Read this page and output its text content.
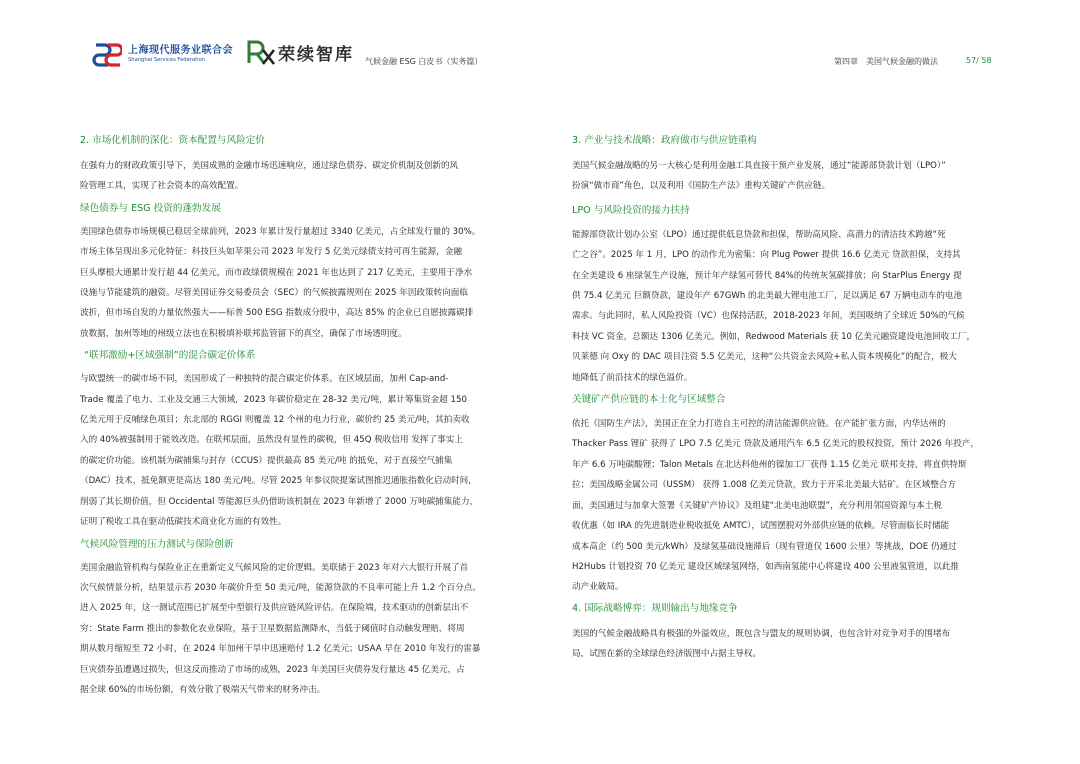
上海现代服务业联合会
Shanghai Services Federation	荣续智库 气候金融 ESG 白皮书（实务篇）	第四章　美国气候金融的做法	57/ 58

2. 市场化机制的深化：资本配置与风险定价

在强有力的财政政策引导下，美国成熟的金融市场迅速响应，通过绿色债券、碳定价机制及创新的风
险管理工具，实现了社会资本的高效配置。

绿色债券与 ESG 投资的蓬勃发展

美国绿色债券市场规模已稳居全球前列，2023 年累计发行量超过 3340 亿美元，占全球发行量的 30%。
市场主体呈现出多元化特征：科技巨头如苹果公司 2023 年发行 5 亿美元绿债支持可再生能源，金融
巨头摩根大通累计发行超 44 亿美元，而市政绿债规模在 2021 年也达到了 217 亿美元，主要用于净水
设施与节能建筑的融资。尽管美国证券交易委员会（SEC）的气候披露规则在 2025 年因政策转向面临
波折，但市场自发的力量依然强大——标普 500 ESG 指数成分股中，高达 85% 的企业已自愿披露碳排
放数据，加州等地的州级立法也在积极填补联邦监管留下的真空，确保了市场透明度。

“联邦激励+区域强制”的混合碳定价体系

与欧盟统一的碳市场不同，美国形成了一种独特的混合碳定价体系。在区域层面，加州 Cap-and-
Trade 覆盖了电力、工业及交通三大领域，2023 年碳价稳定在 28-32 美元/吨，累计筹集资金超 150
亿美元用于反哺绿色项目；东北部的 RGGI 则覆盖 12 个州的电力行业，碳价约 25 美元/吨，其拍卖收
入的 40%被强制用于能效改造。在联邦层面，虽然没有显性的碳税，但 45Q 税收信用 发挥了事实上
的碳定价功能。该机制为碳捕集与封存（CCUS）提供最高 85 美元/吨 的抵免，对于直接空气捕集
（DAC）技术，抵免额更是高达 180 美元/吨。尽管 2025 年参议院提案试图推迟通胀指数化启动时间，
削弱了其长期价值，但 Occidental 等能源巨头仍借助该机制在 2023 年新增了 2000 万吨碳捕集能力，
证明了税收工具在驱动低碳技术商业化方面的有效性。

气候风险管理的压力测试与保险创新

美国金融监管机构与保险业正在重新定义气候风险的定价逻辑。美联储于 2023 年对六大银行开展了首
次气候情景分析，结果显示若 2030 年碳价升至 50 美元/吨，能源贷款的不良率可能上升 1.2 个百分点。
进入 2025 年，这一测试范围已扩展至中型银行及供应链风险评估。在保险端，技术驱动的创新层出不
穷：State Farm 推出的参数化农业保险，基于卫星数据监测降水，当低于阈值时自动触发理赔，将周
期从数月缩短至 72 小时，在 2024 年加州干旱中迅速赔付 1.2 亿美元；USAA 早在 2010 年发行的雷暴
巨灾债券虽遭遇过损失，但这反而推动了市场的成熟，2023 年美国巨灾债券发行量达 45 亿美元，占
据全球 60%的市场份额，有效分散了极端天气带来的财务冲击。

3. 产业与技术战略：政府做市与供应链重构

美国气候金融战略的另一大核心是利用金融工具直接干预产业发展，通过“能源部贷款计划（LPO）”
扮演“做市商”角色，以及利用《国防生产法》重构关键矿产供应链。

LPO 与风险投资的接力扶持

能源部贷款计划办公室（LPO）通过提供低息贷款和担保，帮助高风险、高潜力的清洁技术跨越“死
亡之谷”。2025 年 1 月，LPO 的动作尤为密集：向 Plug Power 提供 16.6 亿美元 贷款担保，支持其
在全美建设 6 座绿氢生产设施，预计年产绿氢可替代 84%的传统灰氢碳排放；向 StarPlus Energy 提
供 75.4 亿美元 巨额贷款，建设年产 67GWh 的北美最大锂电池工厂，足以满足 67 万辆电动车的电池
需求。与此同时，私人风险投资（VC）也保持活跃，2018-2023 年间，美国吸纳了全球近 50%的气候
科技 VC 资金，总额达 1306 亿美元。例如，Redwood Materials 获 10 亿美元融资建设电池回收工厂，
贝莱德 向 Oxy 的 DAC 项目注资 5.5 亿美元，这种“公共资金去风险+私人资本规模化”的配合，极大
地降低了前沿技术的绿色溢价。

关键矿产供应链的本土化与区域整合

依托《国防生产法》，美国正在全力打造自主可控的清洁能源供应链。在产能扩张方面，内华达州的
Thacker Pass 锂矿 获得了 LPO 7.5 亿美元 贷款及通用汽车 6.5 亿美元的股权投资，预计 2026 年投产，
年产 6.6 万吨碳酸锂；Talon Metals 在北达科他州的镍加工厂获得 1.15 亿美元 联邦支持，将直供特斯
拉；美国战略金属公司（USSM） 获得 1.008 亿美元贷款，致力于开采北美最大钴矿。在区域整合方
面，美国通过与加拿大签署《关键矿产协议》及组建“北美电池联盟”，充分利用邻国资源与本土税
收优惠（如 IRA 的先进制造业税收抵免 AMTC），试图摆脱对外部供应链的依赖。尽管面临长时储能
成本高企（约 500 美元/kWh）及绿氢基础设施滞后（现有管道仅 1600 公里）等挑战，DOE 仍通过
H2Hubs 计划投资 70 亿美元 建设区域绿氢网络，如西南氢能中心将建设 400 公里液氢管道，以此推
动产业破局。

4. 国际战略博弈：规则输出与地缘竞争

美国的气候金融战略具有极强的外溢效应，既包含与盟友的规则协调，也包含针对竞争对手的围堵布
局，试图在新的全球绿色经济版图中占据主导权。
